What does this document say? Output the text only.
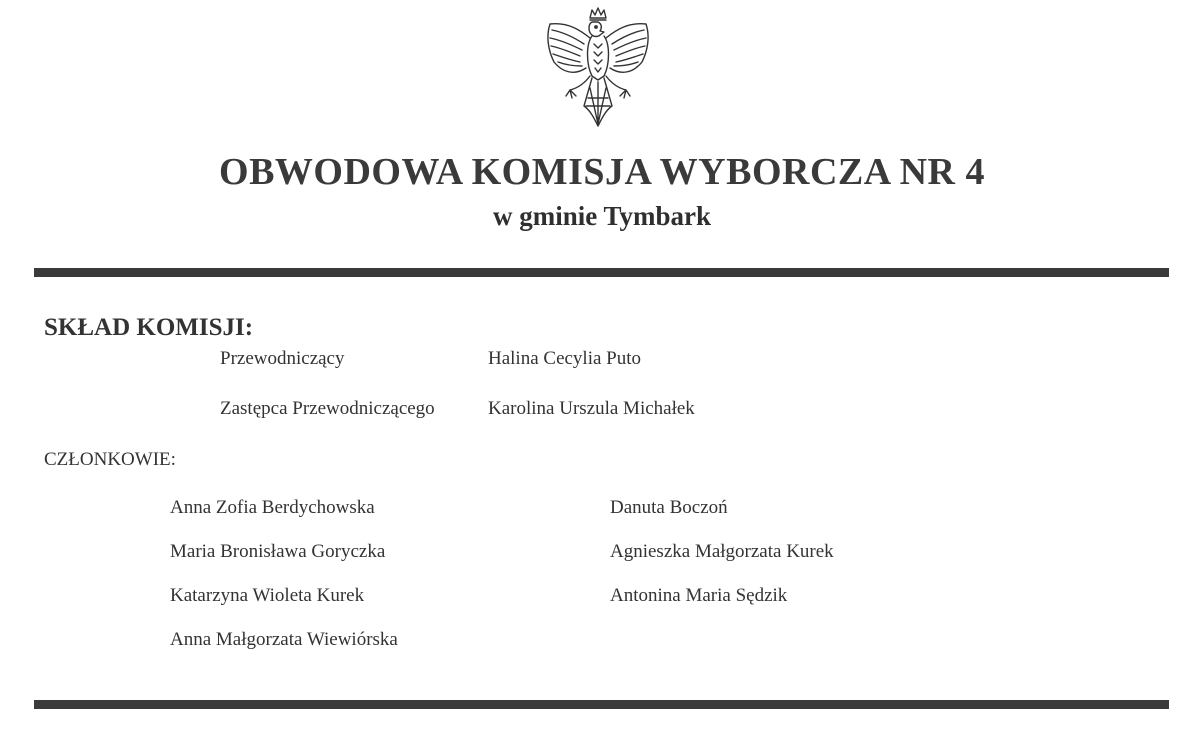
OBWODOWA KOMISJA WYBORCZA NR 4
w gminie Tymbark
SKŁAD KOMISJI:
Przewodniczący	Halina Cecylia Puto
Zastępca Przewodniczącego	Karolina Urszula Michałek
CZŁONKOWIE:
Anna Zofia Berdychowska
Maria Bronisława Goryczka
Katarzyna Wioleta Kurek
Anna Małgorzata Wiewiórska
Danuta Boczoń
Agnieszka Małgorzata Kurek
Antonina Maria Sędzik
